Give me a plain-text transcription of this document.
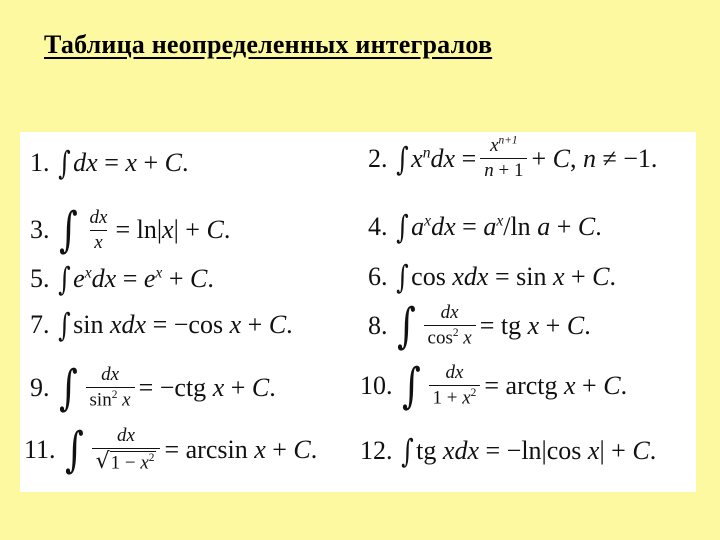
Таблица неопределенных интегралов
1. ∫ dx = x + C .	2. ∫ $x^ndx = \frac{x^{n+1}}{n + 1} + C$ , n ≠ −1.
3. ∫ $\frac{dx}{x} = \ln|$ x | + C .	4. ∫ $a^xdx = a^x$ /ln a + C .
5. ∫ $e^xdx = e^x + C$ .	6. ∫ cos xdx = sin x + C .
7. ∫ sin xdx = −cos x + C .	8. ∫ $\frac{dx}{\cos^2 x}$ = tg x + C .
9. ∫ $\frac{dx}{\sin^2 x} = -ctg$ x + C .	10. ∫ $\frac{dx}{1 + x^2}$ = arctg x + C .
11. ∫ $\frac{dx}{√ 1 - x^2} = \arcsin x + C$ . 12. ∫ tg xdx = −ln|cos x | + C .
